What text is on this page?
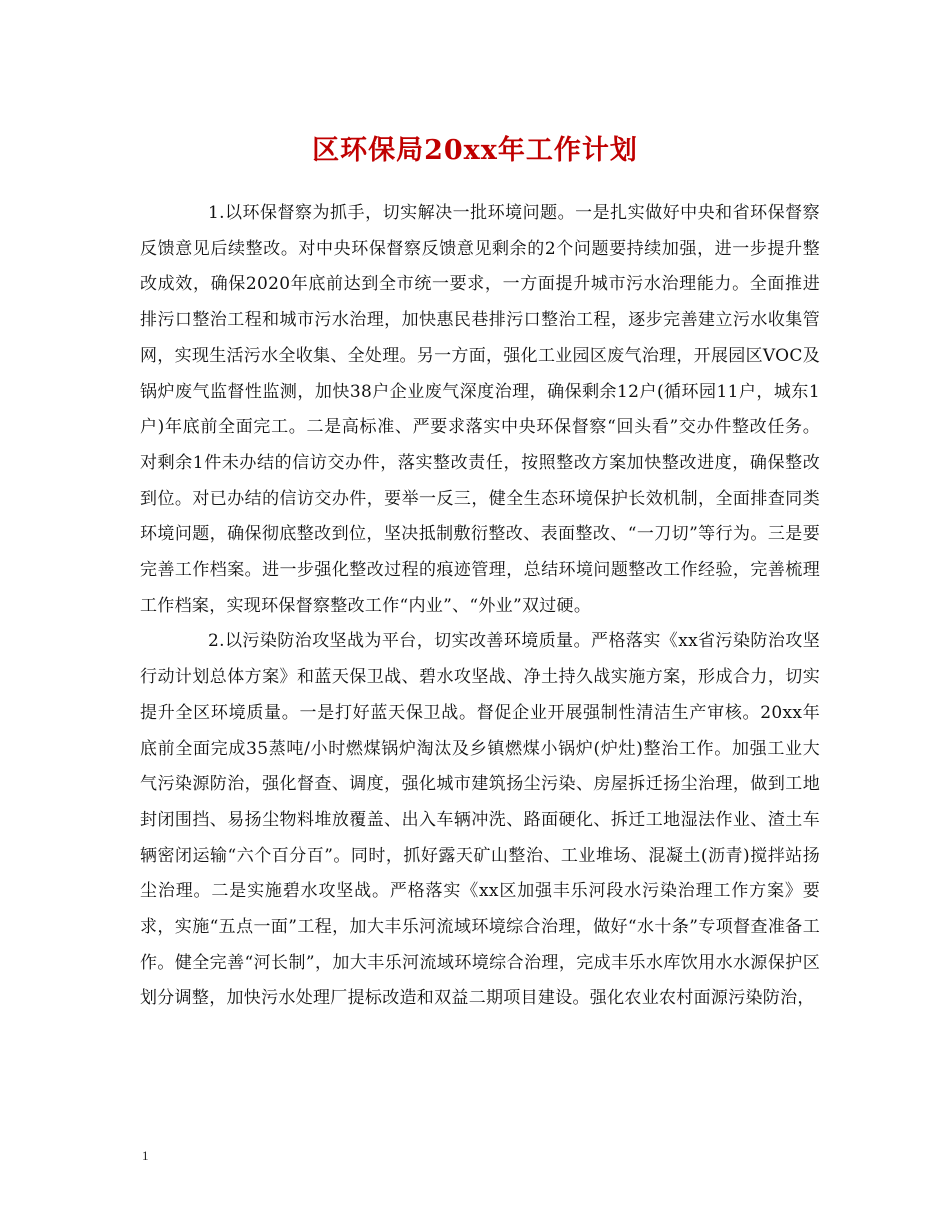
区环保局20xx年工作计划

1.以环保督察为抓手，切实解决一批环境问题。一是扎实做好中央和省环保督察反馈意见后续整改。对中央环保督察反馈意见剩余的2个问题要持续加强，进一步提升整改成效，确保2020年底前达到全市统一要求，一方面提升城市污水治理能力。全面推进排污口整治工程和城市污水治理，加快惠民巷排污口整治工程，逐步完善建立污水收集管网，实现生活污水全收集、全处理。另一方面，强化工业园区废气治理，开展园区VOC及锅炉废气监督性监测，加快38户企业废气深度治理，确保剩余12户(循环园11户，城东1户)年底前全面完工。二是高标准、严要求落实中央环保督察“回头看”交办件整改任务。对剩余1件未办结的信访交办件，落实整改责任，按照整改方案加快整改进度，确保整改到位。对已办结的信访交办件，要举一反三，健全生态环境保护长效机制，全面排查同类环境问题，确保彻底整改到位，坚决抵制敷衍整改、表面整改、“一刀切”等行为。三是要完善工作档案。进一步强化整改过程的痕迹管理，总结环境问题整改工作经验，完善梳理工作档案，实现环保督察整改工作“内业”、“外业”双过硬。

2.以污染防治攻坚战为平台，切实改善环境质量。严格落实《xx省污染防治攻坚行动计划总体方案》和蓝天保卫战、碧水攻坚战、净土持久战实施方案，形成合力，切实提升全区环境质量。一是打好蓝天保卫战。督促企业开展强制性清洁生产审核。20xx年底前全面完成35蒸吨/小时燃煤锅炉淘汰及乡镇燃煤小锅炉(炉灶)整治工作。加强工业大气污染源防治，强化督查、调度，强化城市建筑扬尘污染、房屋拆迁扬尘治理，做到工地封闭围挡、易扬尘物料堆放覆盖、出入车辆冲洗、路面硬化、拆迁工地湿法作业、渣土车辆密闭运输“六个百分百”。同时，抓好露天矿山整治、工业堆场、混凝土(沥青)搅拌站扬尘治理。二是实施碧水攻坚战。严格落实《xx区加强丰乐河段水污染治理工作方案》要求，实施“五点一面”工程，加大丰乐河流域环境综合治理，做好“水十条”专项督查准备工作。健全完善“河长制”，加大丰乐河流域环境综合治理，完成丰乐水库饮用水水源保护区划分调整，加快污水处理厂提标改造和双益二期项目建设。强化农业农村面源污染防治，

1
